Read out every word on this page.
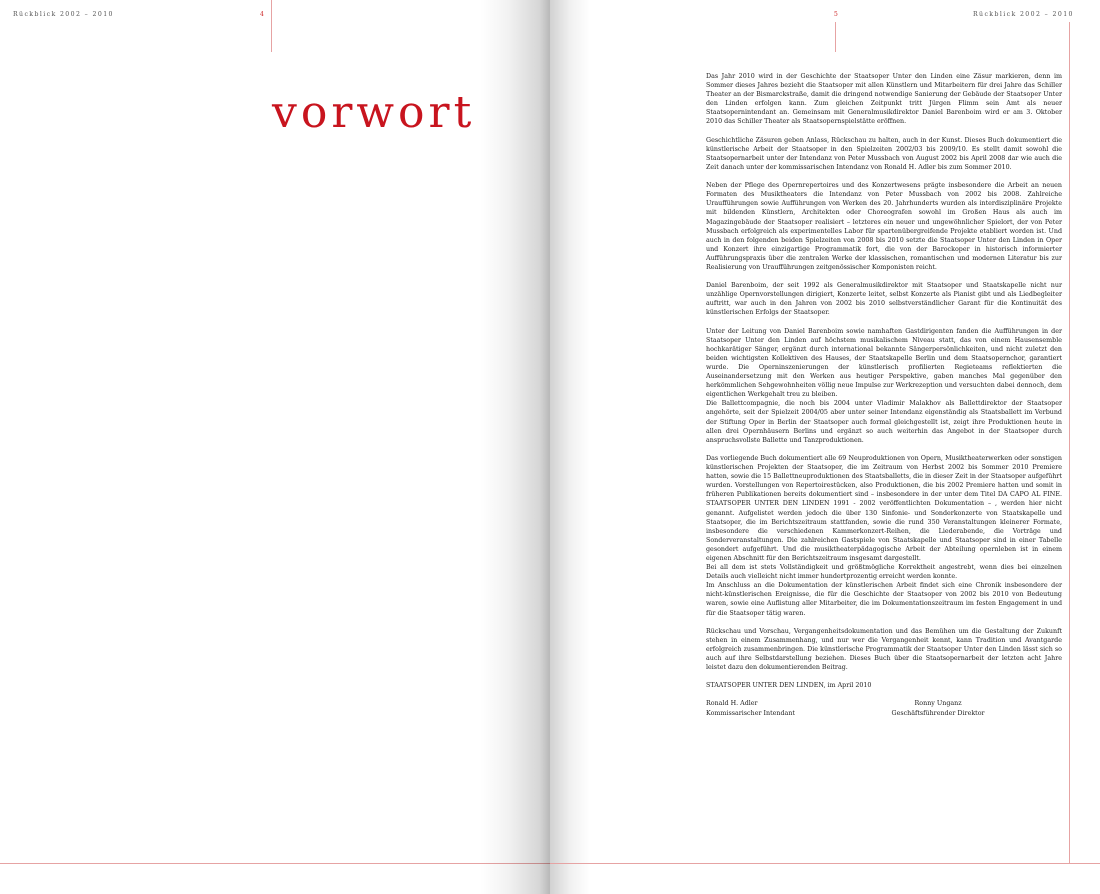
Rückblick 2002 – 2010	4
vorwort
5	Rückblick 2002 – 2010

Das Jahr 2010 wird in der Geschichte der Staatsoper Unter den Linden eine Zäsur markieren, denn im Sommer dieses Jahres bezieht die Staatsoper mit allen Künstlern und Mitarbeitern für drei Jahre das Schiller Theater an der Bismarckstraße, damit die dringend notwendige Sanierung der Gebäude der Staatsoper Unter den Linden erfolgen kann. Zum gleichen Zeitpunkt tritt Jürgen Flimm sein Amt als neuer Staatsopernintendant an. Gemeinsam mit Generalmusikdirektor Daniel Barenboim wird er am 3. Oktober 2010 das Schiller Theater als Staatsopernspielstätte eröffnen.

Geschichtliche Zäsuren geben Anlass, Rückschau zu halten, auch in der Kunst. Dieses Buch dokumentiert die künstlerische Arbeit der Staatsoper in den Spielzeiten 2002/03 bis 2009/10. Es stellt damit sowohl die Staatsopernarbeit unter der Intendanz von Peter Mussbach von August 2002 bis April 2008 dar wie auch die Zeit danach unter der kommissarischen Intendanz von Ronald H. Adler bis zum Sommer 2010.

Neben der Pflege des Opernrepertoires und des Konzertwesens prägte insbesondere die Arbeit an neuen Formaten des Musiktheaters die Intendanz von Peter Mussbach von 2002 bis 2008. Zahlreiche Uraufführungen sowie Aufführungen von Werken des 20. Jahrhunderts wurden als interdisziplinäre Projekte mit bildenden Künstlern, Architekten oder Choreografen sowohl im Großen Haus als auch im Magazingebäude der Staatsoper realisiert – letzteres ein neuer und ungewöhnlicher Spielort, der von Peter Mussbach erfolgreich als experimentelles Labor für spartenübergreifende Projekte etabliert worden ist. Und auch in den folgenden beiden Spielzeiten von 2008 bis 2010 setzte die Staatsoper Unter den Linden in Oper und Konzert ihre einzigartige Programmatik fort, die von der Barockoper in historisch informierter Aufführungspraxis über die zentralen Werke der klassischen, romantischen und modernen Literatur bis zur Realisierung von Uraufführungen zeitgenössischer Komponisten reicht.

Daniel Barenboim, der seit 1992 als Generalmusikdirektor mit Staatsoper und Staatskapelle nicht nur unzählige Opernvorstellungen dirigiert, Konzerte leitet, selbst Konzerte als Pianist gibt und als Liedbegleiter auftritt, war auch in den Jahren von 2002 bis 2010 selbstverständlicher Garant für die Kontinuität des künstlerischen Erfolgs der Staatsoper.

Unter der Leitung von Daniel Barenboim sowie namhaften Gastdirigenten fanden die Aufführungen in der Staatsoper Unter den Linden auf höchstem musikalischem Niveau statt, das von einem Hausensemble hochkarätiger Sänger, ergänzt durch international bekannte Sängerpersönlichkeiten, und nicht zuletzt den beiden wichtigsten Kollektiven des Hauses, der Staatskapelle Berlin und dem Staatsopernchor, garantiert wurde. Die Operninszenierungen der künstlerisch profilierten Regieteams reflektierten die Auseinandersetzung mit den Werken aus heutiger Perspektive, gaben manches Mal gegenüber den herkömmlichen Sehgewohnheiten völlig neue Impulse zur Werkrezeption und versuchten dabei dennoch, dem eigentlichen Werkgehalt treu zu bleiben.

Die Ballettcompagnie, die noch bis 2004 unter Vladimir Malakhov als Ballettdirektor der Staatsoper angehörte, seit der Spielzeit 2004/05 aber unter seiner Intendanz eigenständig als Staatsballett im Verbund der Stiftung Oper in Berlin der Staatsoper auch formal gleichgestellt ist, zeigt ihre Produktionen heute in allen drei Opernhäusern Berlins und ergänzt so auch weiterhin das Angebot in der Staatsoper durch anspruchsvollste Ballette und Tanzproduktionen.

Das vorliegende Buch dokumentiert alle 69 Neuproduktionen von Opern, Musiktheaterwerken oder sonstigen künstlerischen Projekten der Staatsoper, die im Zeitraum von Herbst 2002 bis Sommer 2010 Premiere hatten, sowie die 15 Ballettneuproduktionen des Staatsballetts, die in dieser Zeit in der Staatsoper aufgeführt wurden. Vorstellungen von Repertoirestücken, also Produktionen, die bis 2002 Premiere hatten und somit in früheren Publikationen bereits dokumentiert sind – insbesondere in der unter dem Titel DA CAPO AL FINE. STAATSOPER UNTER DEN LINDEN 1991 - 2002 veröffentlichten Dokumentation – , werden hier nicht genannt. Aufgelistet werden jedoch die über 130 Sinfonie- und Sonderkonzerte von Staatskapelle und Staatsoper, die im Berichtszeitraum stattfanden, sowie die rund 350 Veranstaltungen kleinerer Formate, insbesondere die verschiedenen Kammerkonzert-Reihen, die Liederabende, die Vorträge und Sonderveranstaltungen. Die zahlreichen Gastspiele von Staatskapelle und Staatsoper sind in einer Tabelle gesondert aufgeführt. Und die musiktheaterpädagogische Arbeit der Abteilung opernleben ist in einem eigenen Abschnitt für den Berichtszeitraum insgesamt dargestellt.

Bei all dem ist stets Vollständigkeit und größtmögliche Korrektheit angestrebt, wenn dies bei einzelnen Details auch vielleicht nicht immer hundertprozentig erreicht werden konnte.

Im Anschluss an die Dokumentation der künstlerischen Arbeit findet sich eine Chronik insbesondere der nicht-künstlerischen Ereignisse, die für die Geschichte der Staatsoper von 2002 bis 2010 von Bedeutung waren, sowie eine Auflistung aller Mitarbeiter, die im Dokumentationszeitraum im festen Engagement in und für die Staatsoper tätig waren.

Rückschau und Vorschau, Vergangenheitsdokumentation und das Bemühen um die Gestaltung der Zukunft stehen in einem Zusammenhang, und nur wer die Vergangenheit kennt, kann Tradition und Avantgarde erfolgreich zusammenbringen. Die künstlerische Programmatik der Staatsoper Unter den Linden lässt sich so auch auf ihre Selbstdarstellung beziehen. Dieses Buch über die Staatsopernarbeit der letzten acht Jahre leistet dazu den dokumentierenden Beitrag.

STAATSOPER UNTER DEN LINDEN, im April 2010

Ronald H. Adler
Kommissarischer Intendant
Ronny Unganz
Geschäftsführender Direktor
